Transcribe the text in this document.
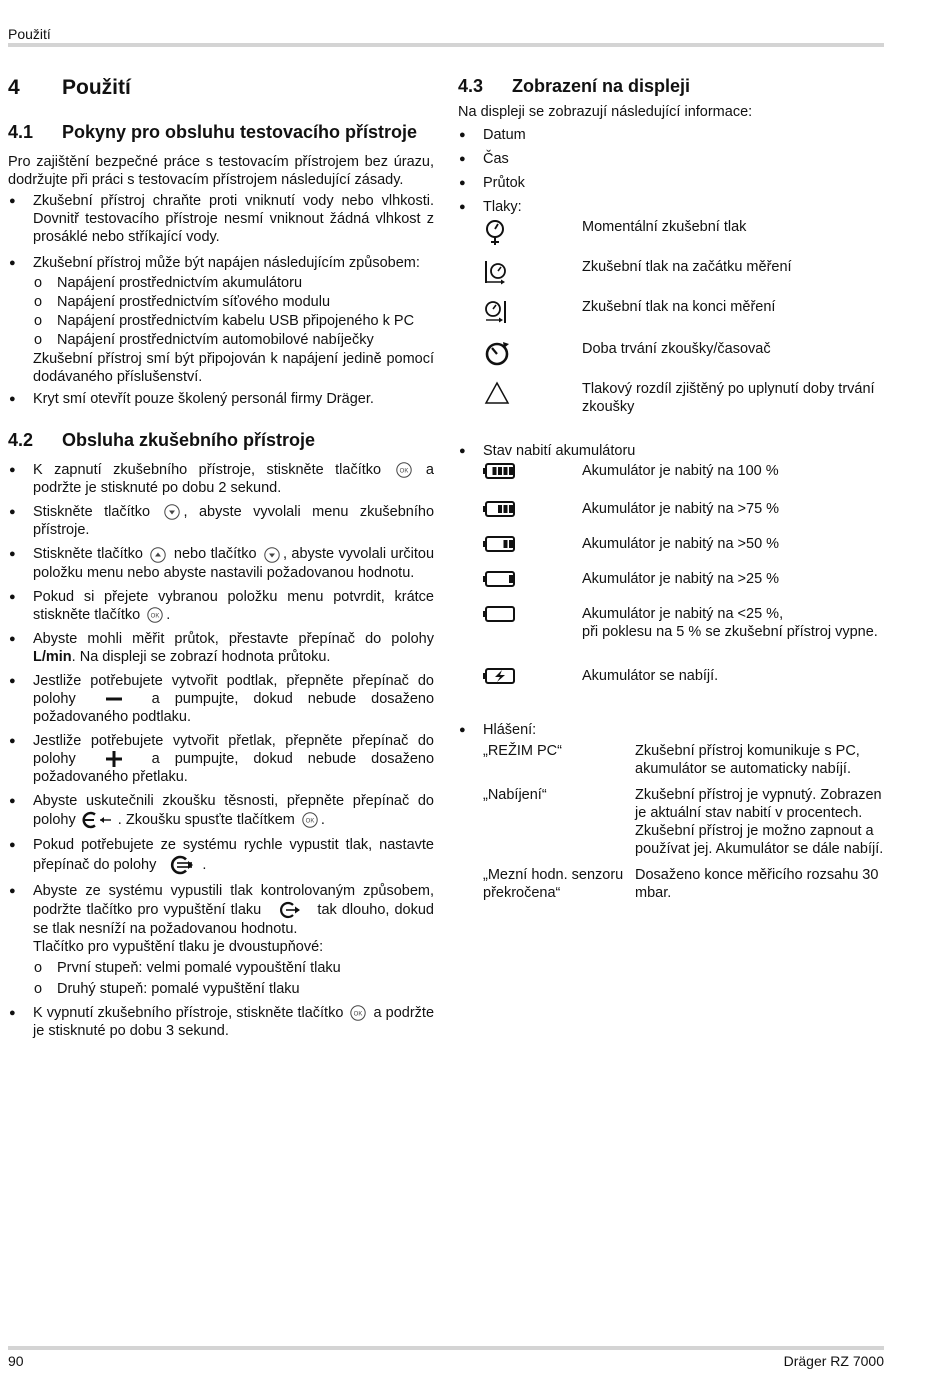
Použití
4 Použití
4.1 Pokyny pro obsluhu testovacího přístroje

Pro zajištění bezpečné práce s testovacím přístrojem bez úrazu, dodržujte při práci s testovacím přístrojem následující zásady.

● Zkušební přístroj chraňte proti vniknutí vody nebo vlhkosti. Dovnitř testovacího přístroje nesmí vniknout žádná vlhkost z prosáklé nebo stříkající vody.
● Zkušební přístroj může být napájen následujícím způsobem:
o Napájení prostřednictvím akumulátoru
o Napájení prostřednictvím síťového modulu
o Napájení prostřednictvím kabelu USB připojeného k PC
o Napájení prostřednictvím automobilové nabíječky
Zkušební přístroj smí být připojován k napájení jedině pomocí dodávaného příslušenství.
● Kryt smí otevřít pouze školený personál firmy Dräger.
4.2 Obsluha zkušebního přístroje
● K zapnutí zkušebního přístroje, stiskněte tlačítko	OK a podržte je stisknuté po dobu 2 sekund.
● Stiskněte tlačítko , abyste vyvolali menu zkušebního přístroje.
● Stiskněte tlačítko nebo tlačítko , abyste vyvolali určitou položku menu nebo abyste nastavili požadovanou hodnotu.
● Pokud si přejete vybranou položku menu potvrdit, krátce stiskněte tlačítko OK .
● Abyste mohli měřit průtok, přestavte přepínač do polohy L/min. Na displeji se zobrazí hodnota průtoku.
● Jestliže potřebujete vytvořit podtlak, přepněte přepínač do polohy	a pumpujte, dokud nebude dosaženo požadovaného podtlaku.
● Jestliže potřebujete vytvořit přetlak, přepněte přepínač do polohy	a pumpujte, dokud nebude dosaženo požadovaného přetlaku.
● Abyste uskutečnili zkoušku těsnosti, přepněte přepínač do polohy	. Zkoušku spusťte tlačítkem OK .
● Pokud potřebujete ze systému rychle vypustit tlak, nastavte přepínač do polohy	.
● Abyste ze systému vypustili tlak kontrolovaným způsobem, podržte tlačítko pro vypuštění tlaku	tak dlouho, dokud se tlak nesníží na požadovanou hodnotu.
Tlačítko pro vypuštění tlaku je dvoustupňové:
o První stupeň: velmi pomalé vypouštění tlaku
o Druhý stupeň: pomalé vypuštění tlaku
● K vypnutí zkušebního přístroje, stiskněte tlačítko OK a podržte je stisknuté po dobu 3 sekund.
4.3 Zobrazení na displeji

Na displeji se zobrazují následující informace:

● Datum
● Čas
● Průtok
● Tlaky:
Momentální zkušební tlak
Zkušební tlak na začátku měření
Zkušební tlak na konci měření
Doba trvání zkoušky/časovač
Tlakový rozdíl zjištěný po uplynutí doby trvání zkoušky
● Stav nabití akumulátoru
Akumulátor je nabitý na 100 %
Akumulátor je nabitý na >75 %
Akumulátor je nabitý na >50 %
Akumulátor je nabitý na >25 %
Akumulátor je nabitý na <25 %,
při poklesu na 5 % se zkušební přístroj vypne.
Akumulátor se nabíjí.
● Hlášení:
„REŽIM PC“	Zkušební přístroj komunikuje s PC, akumulátor se automaticky nabíjí.
„Nabíjení“	Zkušební přístroj je vypnutý. Zobrazen je aktuální stav nabití v procentech.
Zkušební přístroj je možno zapnout a používat jej. Akumulátor se dále nabíjí.
„Mezní hodn. senzoru překročena“
Dosaženo konce měřicího rozsahu 30 mbar.
90	Dräger RZ 7000
